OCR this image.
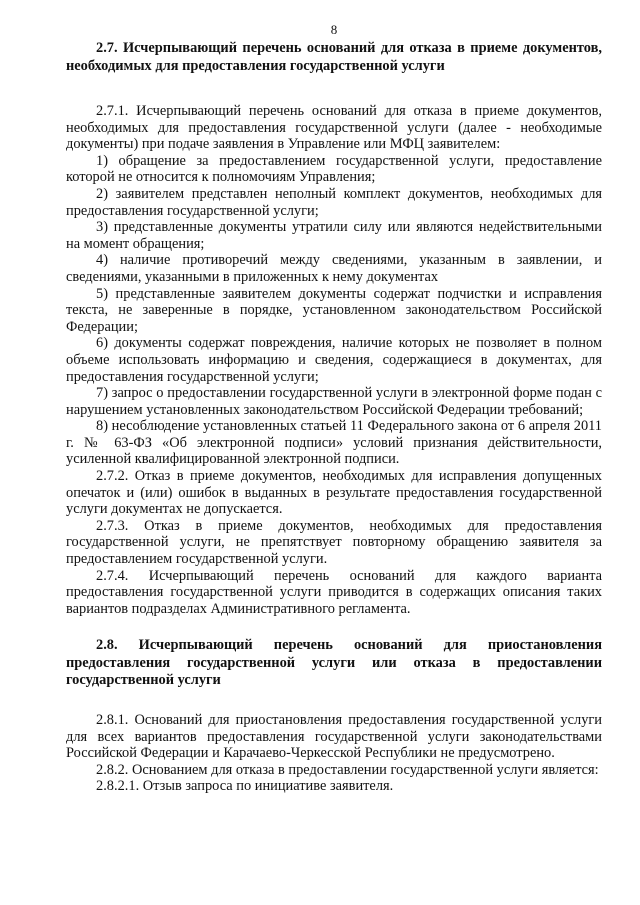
8

2.7. Исчерпывающий перечень оснований для отказа в приеме документов, необходимых для предоставления государственной услуги

2.7.1. Исчерпывающий перечень оснований для отказа в приеме документов, необходимых для предоставления государственной услуги (далее - необходимые документы) при подаче заявления в Управление или МФЦ заявителем:

1) обращение за предоставлением государственной услуги, предоставление которой не относится к полномочиям Управления;

2) заявителем представлен неполный комплект документов, необходимых для предоставления государственной услуги;

3) представленные документы утратили силу или являются недействительными на момент обращения;

4) наличие противоречий между сведениями, указанным в заявлении, и сведениями, указанными в приложенных к нему документах

5) представленные заявителем документы содержат подчистки и исправления текста, не заверенные в порядке, установленном законодательством Российской Федерации;

6) документы содержат повреждения, наличие которых не позволяет в полном объеме использовать информацию и сведения, содержащиеся в документах, для предоставления государственной услуги;

7) запрос о предоставлении государственной услуги в электронной форме подан с нарушением установленных законодательством Российской Федерации требований;

8) несоблюдение установленных статьей 11 Федерального закона от 6 апреля 2011 г. № 63-ФЗ «Об электронной подписи» условий признания действительности, усиленной квалифицированной электронной подписи.

2.7.2. Отказ в приеме документов, необходимых для исправления допущенных опечаток и (или) ошибок в выданных в результате предоставления государственной услуги документах не допускается.

2.7.3. Отказ в приеме документов, необходимых для предоставления государственной услуги, не препятствует повторному обращению заявителя за предоставлением государственной услуги.

2.7.4. Исчерпывающий перечень оснований для каждого варианта предоставления государственной услуги приводится в содержащих описания таких вариантов подразделах Административного регламента.

2.8. Исчерпывающий перечень оснований для приостановления предоставления государственной услуги или отказа в предоставлении государственной услуги

2.8.1. Оснований для приостановления предоставления государственной услуги для всех вариантов предоставления государственной услуги законодательствами Российской Федерации и Карачаево-Черкесской Республики не предусмотрено.

2.8.2. Основанием для отказа в предоставлении государственной услуги является:

2.8.2.1. Отзыв запроса по инициативе заявителя.
